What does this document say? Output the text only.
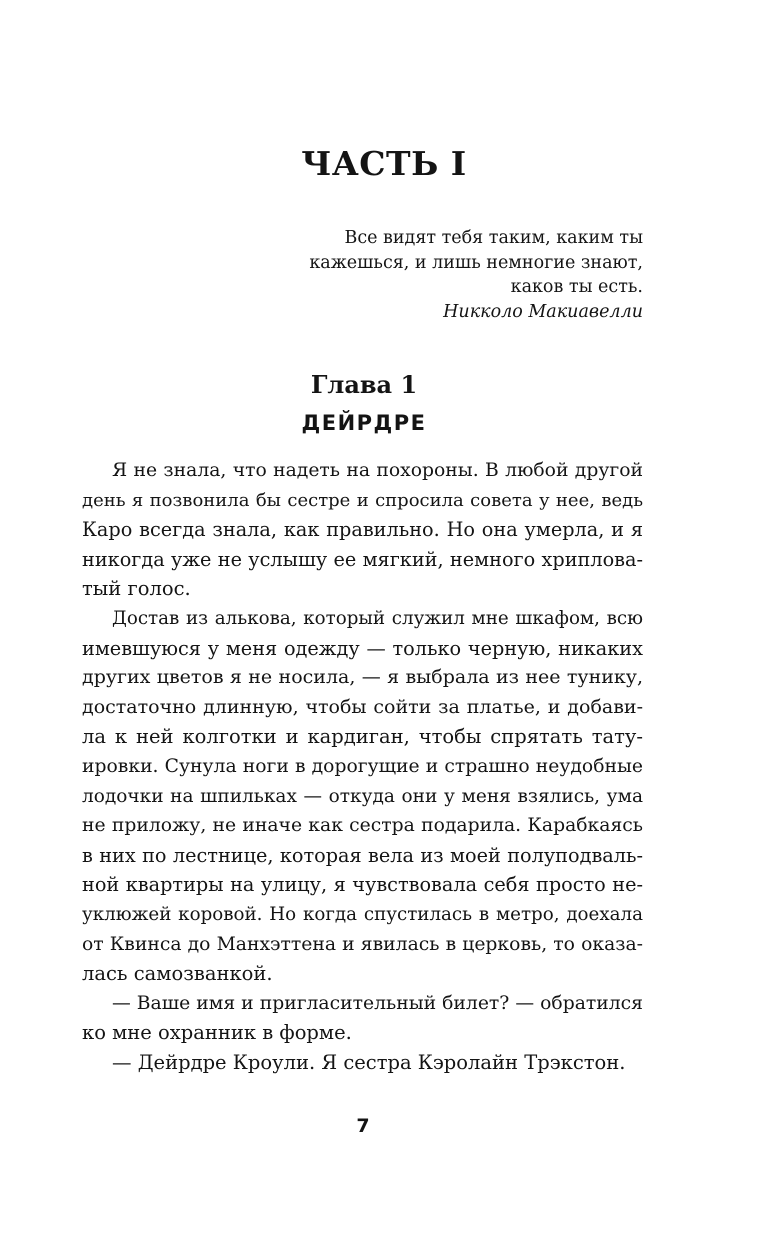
ЧАСТЬ I
Все видят тебя таким, каким ты
кажешься, и лишь немногие знают,
каков ты есть.
Никколо Макиавелли
Глава 1
ДЕЙРДРЕ
Я не знала, что надеть на похороны. В любой другой
день я позвонила бы сестре и спросила совета у нее, ведь
Каро всегда знала, как правильно. Но она умерла, и я
никогда уже не услышу ее мягкий, немного хриплова-
тый голос.
Достав из алькова, который служил мне шкафом, всю
имевшуюся у меня одежду — только черную, никаких
других цветов я не носила, — я выбрала из нее тунику,
достаточно длинную, чтобы сойти за платье, и добави-
ла к ней колготки и кардиган, чтобы спрятать тату-
ировки. Сунула ноги в дорогущие и страшно неудобные
лодочки на шпильках — откуда они у меня взялись, ума
не приложу, не иначе как сестра подарила. Карабкаясь
в них по лестнице, которая вела из моей полуподваль-
ной квартиры на улицу, я чувствовала себя просто не-
уклюжей коровой. Но когда спустилась в метро, доехала
от Квинса до Манхэттена и явилась в церковь, то оказа-
лась самозванкой.
— Ваше имя и пригласительный билет? — обратился
ко мне охранник в форме.
— Дейрдре Кроули. Я сестра Кэролайн Трэкстон.
7
